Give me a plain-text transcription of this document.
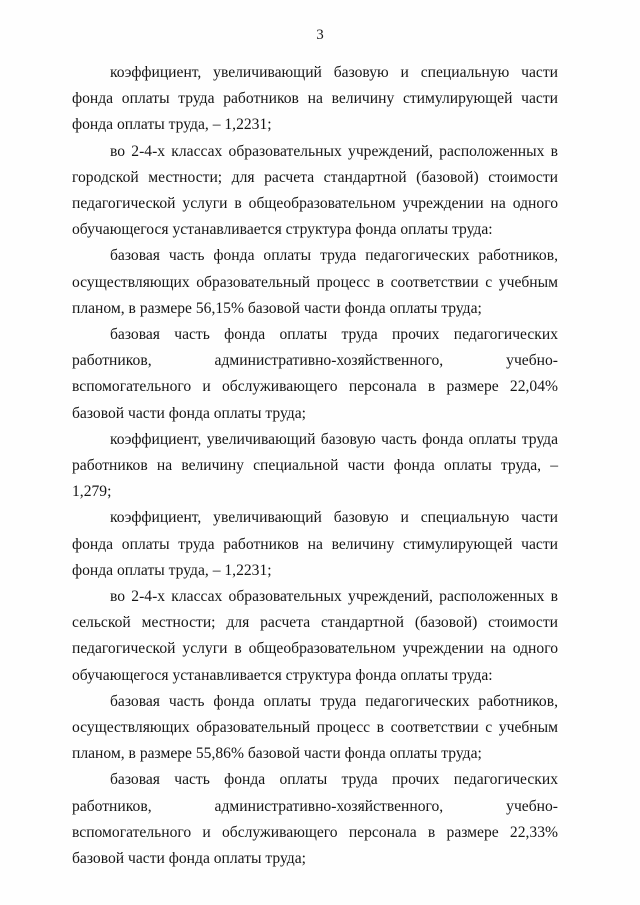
3

коэффициент, увеличивающий базовую и специальную части фонда оплаты труда работников на величину стимулирующей части фонда оплаты труда, – 1,2231;

во 2-4-х классах образовательных учреждений, расположенных в городской местности; для расчета стандартной (базовой) стоимости педагогической услуги в общеобразовательном учреждении на одного обучающегося устанавливается структура фонда оплаты труда:

базовая часть фонда оплаты труда педагогических работников, осуществляющих образовательный процесс в соответствии с учебным планом, в размере 56,15% базовой части фонда оплаты труда;

базовая часть фонда оплаты труда прочих педагогических работников, административно-хозяйственного, учебно-вспомогательного и обслуживающего персонала в размере 22,04% базовой части фонда оплаты труда;

коэффициент, увеличивающий базовую часть фонда оплаты труда работников на величину специальной части фонда оплаты труда, – 1,279;

коэффициент, увеличивающий базовую и специальную части фонда оплаты труда работников на величину стимулирующей части фонда оплаты труда, – 1,2231;

во 2-4-х классах образовательных учреждений, расположенных в сельской местности; для расчета стандартной (базовой) стоимости педагогической услуги в общеобразовательном учреждении на одного обучающегося устанавливается структура фонда оплаты труда:

базовая часть фонда оплаты труда педагогических работников, осуществляющих образовательный процесс в соответствии с учебным планом, в размере 55,86% базовой части фонда оплаты труда;

базовая часть фонда оплаты труда прочих педагогических работников, административно-хозяйственного, учебно-вспомогательного и обслуживающего персонала в размере 22,33% базовой части фонда оплаты труда;
